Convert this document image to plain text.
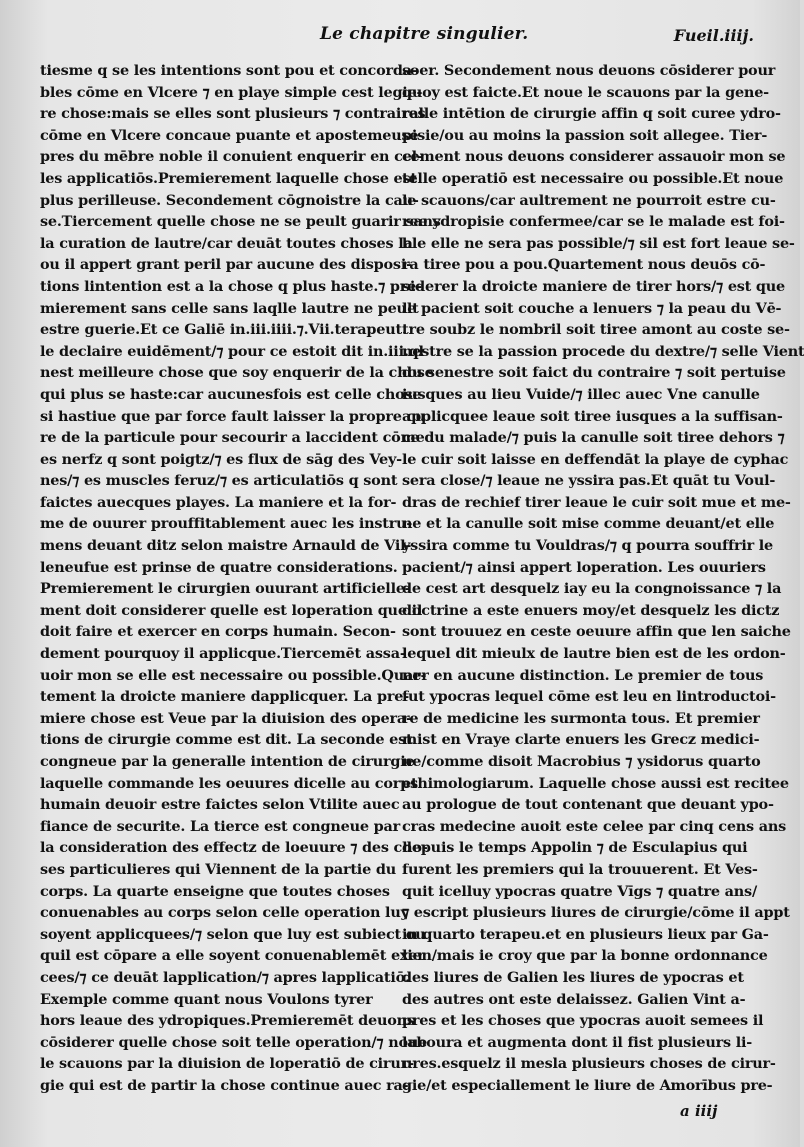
Le chapitre singulier.	Fueil.iiij.
tiesme q se les intentions sont pou et concorda-
bles cōme en Vlcere ⁊ en playe simple cest legie-
re chose:mais se elles sont plusieurs ⁊ contraires
cōme en Vlcere concaue puante et apostemeuse
pres du mēbre noble il conuient enquerir en cel-
les applicatiōs.Premierement laquelle chose est
plus perilleuse. Secondement cōgnoistre la cau-
se.Tiercement quelle chose ne se peult guarir sans
la curation de lautre/car deuāt toutes choses la
ou il appert grant peril par aucune des disposi-
tions lintention est a la chose q plus haste.⁊ pre-
mierement sans celle sans laqlle lautre ne peult
estre guerie.Et ce Galiē in.iii.iiii.⁊.Vii.terapeut.
le declaire euidēment/⁊ pour ce estoit dit in.iii.ql
nest meilleure chose que soy enquerir de la chose
qui plus se haste:car aucunesfois est celle chose
si hastiue que par force fault laisser la propre cu
re de la particule pour secourir a laccident cōme
es nerfz q sont poigtz/⁊ es flux de sāg des Vey-
nes/⁊ es muscles feruz/⁊ es articulatiōs q sont
faictes auecques playes. La maniere et la for-
me de ouurer prouffitablement auec les instru-
mens deuant ditz selon maistre Arnauld de Vil-
leneufue est prinse de quatre considerations.
Premierement le cirurgien ouurant artificielle-
ment doit considerer quelle est loperation que il
doit faire et exercer en corps humain. Secon-
dement pourquoy il applicque.Tiercemēt assa-
uoir mon se elle est necessaire ou possible.Quar-
tement la droicte maniere dapplicquer. La pre-
miere chose est Veue par la diuision des opera-
tions de cirurgie comme est dit. La seconde est
congneue par la generalle intention de cirurgie
laquelle commande les oeuures dicelle au corps
humain deuoir estre faictes selon Vtilite auec
fiance de securite. La tierce est congneue par
la consideration des effectz de loeuure ⁊ des cho-
ses particulieres qui Viennent de la partie du
corps. La quarte enseigne que toutes choses
conuenables au corps selon celle operation luy
soyent applicquees/⁊ selon que luy est subiect ou
quil est cōpare a elle soyent conuenablemēt exer
cees/⁊ ce deuāt lapplication/⁊ apres lapplicatiō.
Exemple comme quant nous Voulons tyrer
hors leaue des ydropiques.Premieremēt deuons
cōsiderer quelle chose soit telle operation/⁊ noue
le scauons par la diuision de loperatiō de cirur-
gie qui est de partir la chose continue auec ra-
soer. Secondement nous deuons cōsiderer pour
quoy est faicte.Et noue le scauons par la gene-
ralle intētion de cirurgie affin q soit curee ydro-
pisie/ou au moins la passion soit allegee. Tier-
cement nous deuons considerer assauoir mon se
telle operatiō est necessaire ou possible.Et noue
le scauons/car aultrement ne pourroit estre cu-
ree ydropisie confermee/car se le malade est foi-
ble elle ne sera pas possible/⁊ sil est fort leaue se-
ra tiree pou a pou.Quartement nous deuōs cō-
siderer la droicte maniere de tirer hors/⁊ est que
le pacient soit couche a lenuers ⁊ la peau du Vē-
tre soubz le nombril soit tiree amont au coste se-
nestre se la passion procede du dextre/⁊ selle Vient
du senestre soit faict du contraire ⁊ soit pertuise
iusques au lieu Vuide/⁊ illec auec Vne canulle
applicquee leaue soit tiree iusques a la suffisan-
ce du malade/⁊ puis la canulle soit tiree dehors ⁊
le cuir soit laisse en deffendāt la playe de cyphac
sera close/⁊ leaue ne yssira pas.Et quāt tu Voul-
dras de rechief tirer leaue le cuir soit mue et me-
ne et la canulle soit mise comme deuant/et elle
yssira comme tu Vouldras/⁊ q pourra souffrir le
pacient/⁊ ainsi appert loperation. Les ouuriers
de cest art desquelz iay eu la congnoissance ⁊ la
doctrine a este enuers moy/et desquelz les dictz
sont trouuez en ceste oeuure affin que len saiche
lequel dit mieulx de lautre bien est de les ordon-
ner en aucune distinction. Le premier de tous
fut ypocras lequel cōme est leu en lintroductoi-
re de medicine les surmonta tous. Et premier
mist en Vraye clarte enuers les Grecz medici-
ne/comme disoit Macrobius ⁊ ysidorus quarto
ethimologiarum. Laquelle chose aussi est recitee
au prologue de tout contenant que deuant ypo-
cras medecine auoit este celee par cinq cens ans
depuis le temps Appolin ⁊ de Esculapius qui
furent les premiers qui la trouuerent. Et Ves-
quit icelluy ypocras quatre Vīgs ⁊ quatre ans/
⁊ escript plusieurs liures de cirurgie/cōme il appt
in quarto terapeu.et en plusieurs lieux par Ga-
lien/mais ie croy que par la bonne ordonnance
des liures de Galien les liures de ypocras et
des autres ont este delaissez. Galien Vint a-
pres et les choses que ypocras auoit semees il
laboura et augmenta dont il fist plusieurs li-
ures.esquelz il mesla plusieurs choses de cirur-
gie/et especiallement le liure de Amorībus pre-
a iiij
